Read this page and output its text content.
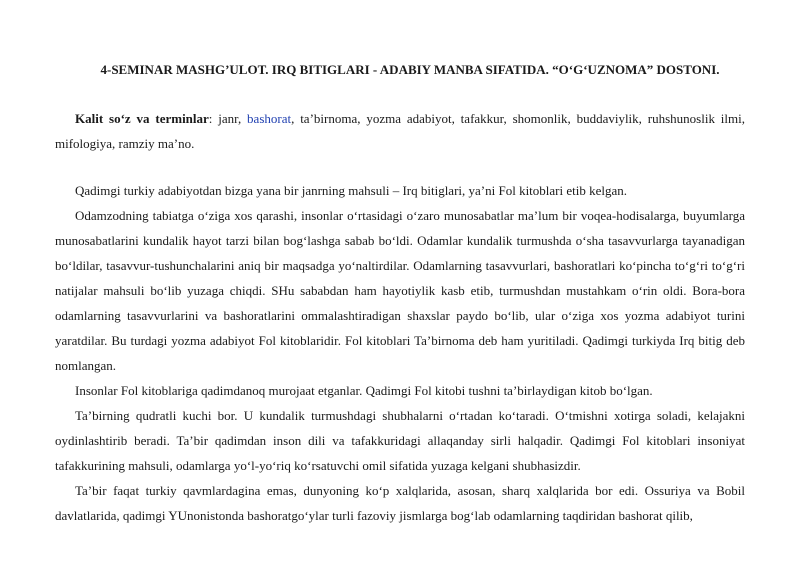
4-SEMINAR MASHG’ULOT. IRQ BITIGLARI - ADABIY MANBA SIFATIDA. “O‘G‘UZNOMA” DOSTONI.

Kalit so‘z va terminlar: janr, bashorat, ta’birnoma, yozma adabiyot, tafakkur, shomonlik, buddaviylik, ruhshunoslik ilmi, mifologiya, ramziy ma’no.

Qadimgi turkiy adabiyotdan bizga yana bir janrning mahsuli – Irq bitiglari, ya’ni Fol kitoblari etib kelgan.

Odamzodning tabiatga o‘ziga xos qarashi, insonlar o‘rtasidagi o‘zaro munosabatlar ma’lum bir voqea-hodisalarga, buyumlarga munosabatlarini kundalik hayot tarzi bilan bog‘lashga sabab bo‘ldi. Odamlar kundalik turmushda o‘sha tasavvurlarga tayanadigan bo‘ldilar, tasavvur-tushunchalarini aniq bir maqsadga yo‘naltirdilar. Odamlarning tasavvurlari, bashoratlari ko‘pincha to‘g‘ri to‘g‘ri natijalar mahsuli bo‘lib yuzaga chiqdi. SHu sababdan ham hayotiylik kasb etib, turmushdan mustahkam o‘rin oldi. Bora-bora odamlarning tasavvurlarini va bashoratlarini ommalashtiradigan shaxslar paydo bo‘lib, ular o‘ziga xos yozma adabiyot turini yaratdilar. Bu turdagi yozma adabiyot Fol kitoblaridir. Fol kitoblari Ta’birnoma deb ham yuritiladi. Qadimgi turkiyda Irq bitig deb nomlangan.

Insonlar Fol kitoblariga qadimdanoq murojaat etganlar. Qadimgi Fol kitobi tushni ta’birlaydigan kitob bo‘lgan.

Ta’birning qudratli kuchi bor. U kundalik turmushdagi shubhalarni o‘rtadan ko‘taradi. O‘tmishni xotirga soladi, kelajakni oydinlashtirib beradi. Ta’bir qadimdan inson dili va tafakkuridagi allaqanday sirli halqadir. Qadimgi Fol kitoblari insoniyat tafakkurining mahsuli, odamlarga yo‘l-yo‘riq ko‘rsatuvchi omil sifatida yuzaga kelgani shubhasizdir.

Ta’bir faqat turkiy qavmlardagina emas, dunyoning ko‘p xalqlarida, asosan, sharq xalqlarida bor edi. Ossuriya va Bobil davlatlarida, qadimgi YUnonistonda bashoratgo‘ylar turli fazoviy jismlarga bog‘lab odamlarning taqdiridan bashorat qilib,
